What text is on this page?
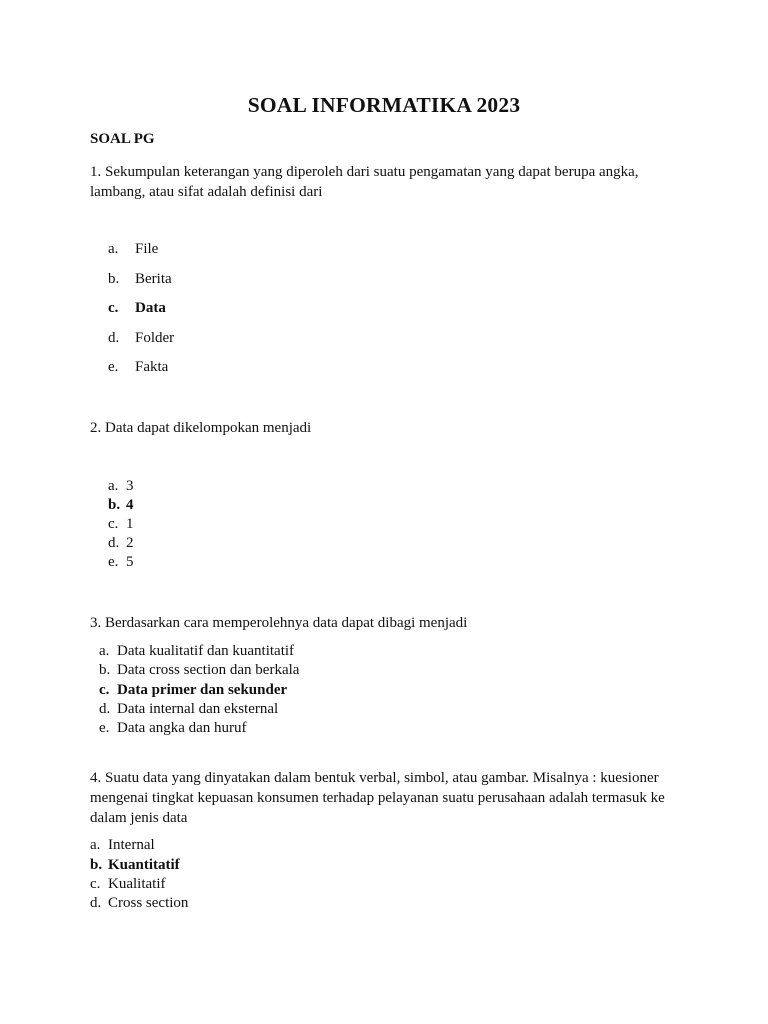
SOAL INFORMATIKA 2023
SOAL PG
1. Sekumpulan keterangan yang diperoleh dari suatu pengamatan yang dapat berupa angka,
lambang, atau sifat adalah definisi dari
a. File
b. Berita
c. Data
d. Folder
e. Fakta
2. Data dapat dikelompokan menjadi
a. 3
b. 4
c. 1
d. 2
e. 5
3. Berdasarkan cara memperolehnya data dapat dibagi menjadi
a. Data kualitatif dan kuantitatif
b. Data cross section dan berkala
c. Data primer dan sekunder
d. Data internal dan eksternal
e. Data angka dan huruf
4. Suatu data yang dinyatakan dalam bentuk verbal, simbol, atau gambar. Misalnya : kuesioner
mengenai tingkat kepuasan konsumen terhadap pelayanan suatu perusahaan adalah termasuk ke
dalam jenis data
a. Internal
b. Kuantitatif
c. Kualitatif
d. Cross section
